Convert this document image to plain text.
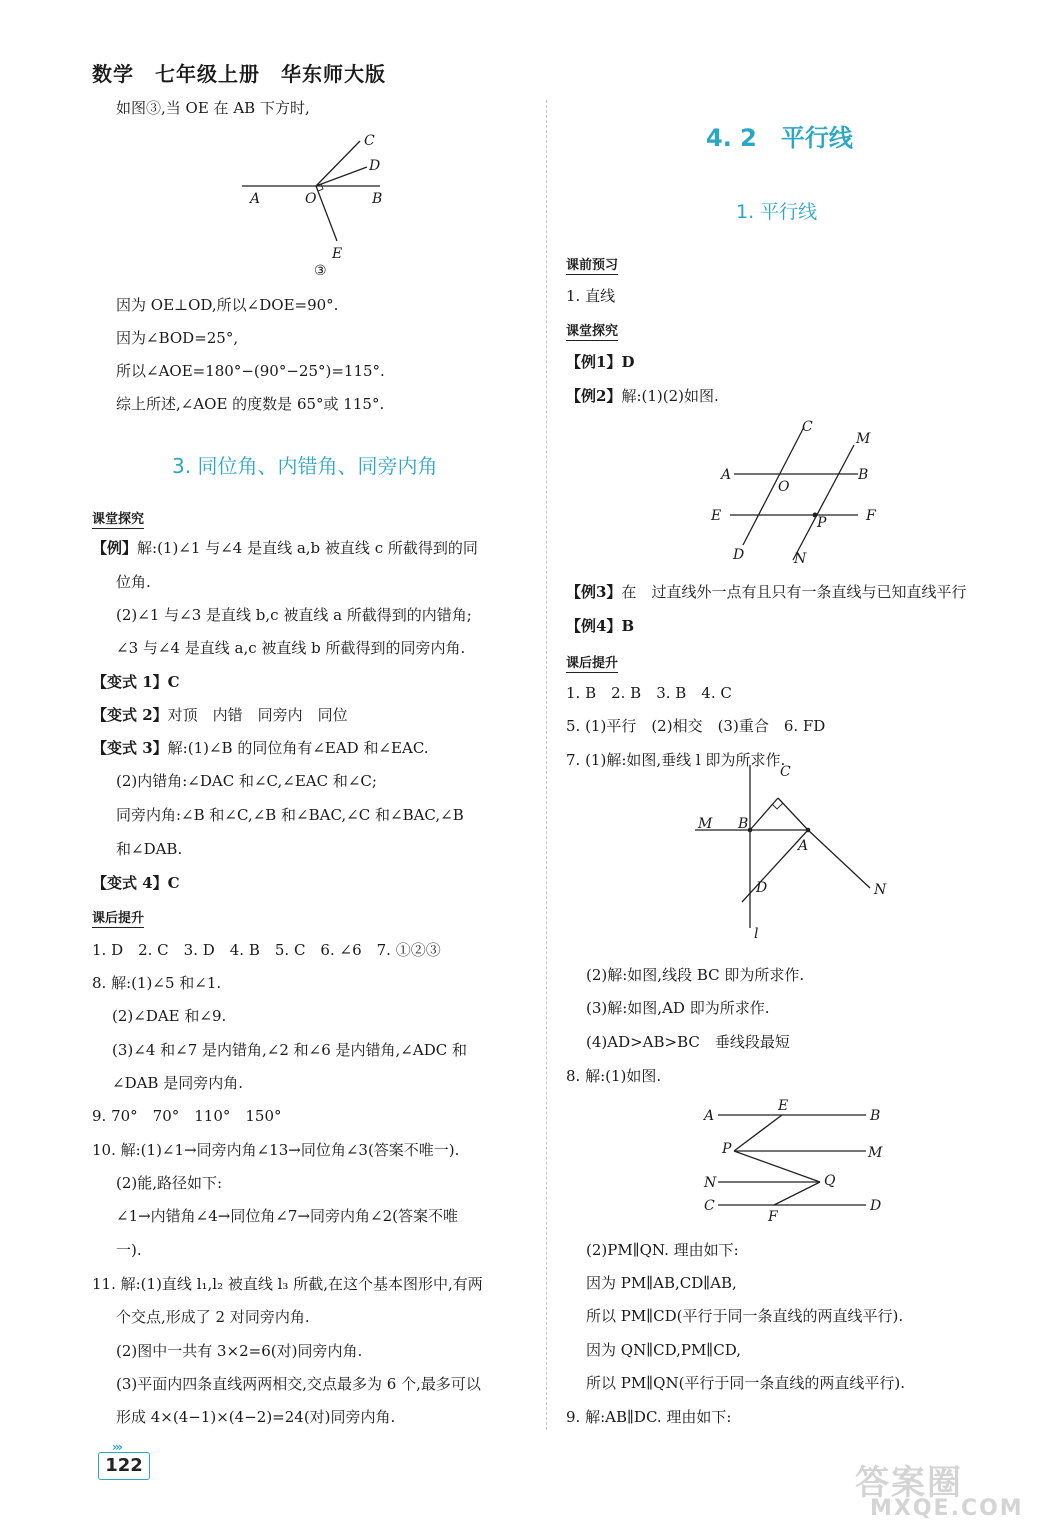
数学　七年级上册　华东师大版
如图③,当 OE 在 AB 下方时,
C
D
A	O	B
E
③
因为 OE⊥OD,所以∠DOE=90°.
因为∠BOD=25°,
所以∠AOE=180°−(90°−25°)=115°.
综上所述,∠AOE 的度数是 65°或 115°.
3. 同位角、内错角、同旁内角
课堂探究
【例】解:(1)∠1 与∠4 是直线 a,b 被直线 c 所截得到的同
位角.
(2)∠1 与∠3 是直线 b,c 被直线 a 所截得到的内错角;
∠3 与∠4 是直线 a,c 被直线 b 所截得到的同旁内角.
【变式 1】C
【变式 2】对顶　内错　同旁内　同位
【变式 3】解:(1)∠B 的同位角有∠EAD 和∠EAC.
(2)内错角:∠DAC 和∠C,∠EAC 和∠C;
同旁内角:∠B 和∠C,∠B 和∠BAC,∠C 和∠BAC,∠B
和∠DAB.
【变式 4】C
课后提升
1. D　2. C　3. D　4. B　5. C　6. ∠6　7. ①②③
8. 解:(1)∠5 和∠1.
(2)∠DAE 和∠9.
(3)∠4 和∠7 是内错角,∠2 和∠6 是内错角,∠ADC 和
∠DAB 是同旁内角.
9. 70°　70°　110°　150°
10. 解:(1)∠1→同旁内角∠13→同位角∠3(答案不唯一).
(2)能,路径如下:
∠1→内错角∠4→同位角∠7→同旁内角∠2(答案不唯
一).
11. 解:(1)直线 l₁,l₂ 被直线 l₃ 所截,在这个基本图形中,有两
个交点,形成了 2 对同旁内角.
(2)图中一共有 3×2=6(对)同旁内角.
(3)平面内四条直线两两相交,交点最多为 6 个,最多可以
形成 4×(4−1)×(4−2)=24(对)同旁内角.
4. 2　平行线
1. 平行线
课前预习
1. 直线
课堂探究
【例1】D
【例2】解:(1)(2)如图.
C
M
A	B
O
E	F
P
D	N
【例3】在　过直线外一点有且只有一条直线与已知直线平行
【例4】B
课后提升
1. B　2. B　3. B　4. C
5. (1)平行　(2)相交　(3)重合　6. FD
7. (1)解:如图,垂线 l 即为所求作.
C
M B
A
D	N
l
(2)解:如图,线段 BC 即为所求作.
(3)解:如图,AD 即为所求作.
(4)AD>AB>BC　垂线段最短
8. 解:(1)如图.
A
E
B
P	M
N	Q
C
F
D
(2)PM∥QN. 理由如下:
因为 PM∥AB,CD∥AB,
所以 PM∥CD(平行于同一条直线的两直线平行).
因为 QN∥CD,PM∥CD,
所以 PM∥QN(平行于同一条直线的两直线平行).
9. 解:AB∥DC. 理由如下:
›››
122	答案圈
MXQE.COM
